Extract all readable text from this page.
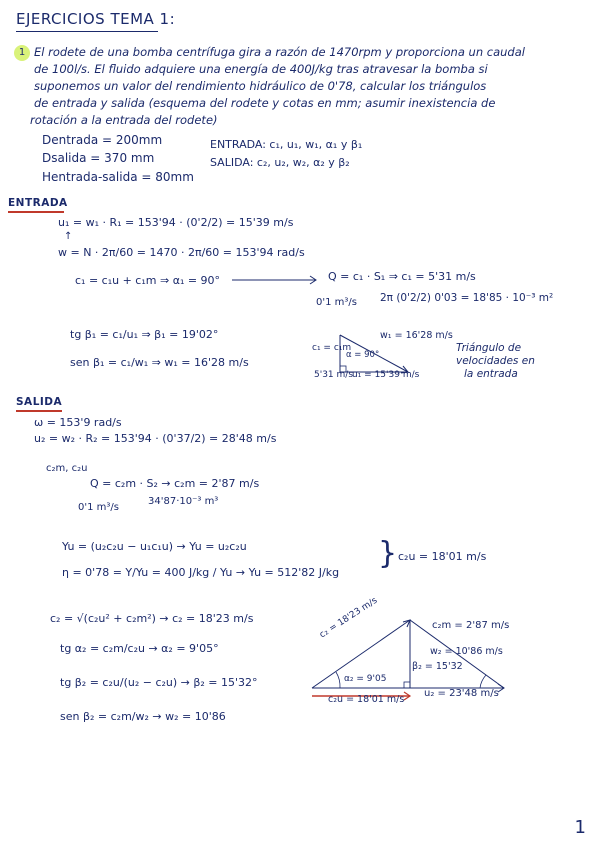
EJERCICIOS TEMA 1:
1 El rodete de una bomba centrífuga gira a razón de 1470rpm y proporciona un caudal
de 100l/s. El fluido adquiere una energía de 400J/kg tras atravesar la bomba si
suponemos un valor del rendimiento hidráulico de 0'78, calcular los triángulos
de entrada y salida (esquema del rodete y cotas en mm; asumir inexistencia de
rotación a la entrada del rodete)
Dentrada = 200mm
Dsalida = 370 mm
Hentrada-salida = 80mm
ENTRADA: c₁, u₁, w₁, α₁ y β₁
SALIDA: c₂, u₂, w₂, α₂ y β₂
ENTRADA
u₁ = w₁ · R₁ = 153'94 · (0'2/2) = 15'39 m/s
↑
w = N · 2π/60 = 1470 · 2π/60 = 153'94 rad/s
c₁ = c₁u + c₁m ⇒ α₁ = 90°	Q = c₁ · S₁ ⇒ c₁ = 5'31 m/s
0'1 m³/s 2π (0'2/2) 0'03 = 18'85 · 10⁻³ m²
tg β₁ = c₁/u₁ ⇒ β₁ = 19'02°
sen β₁ = c₁/w₁ ⇒ w₁ = 16'28 m/s
w₁ = 16'28 m/s
u₁ = 15'39 m/s
c₁ = c₁m
5'31 m/s
α = 90°
Triángulo de
velocidades en
la entrada
SALIDA
ω = 153'9 rad/s
u₂ = w₂ · R₂ = 153'94 · (0'37/2) = 28'48 m/s
c₂m, c₂u
Q = c₂m · S₂ → c₂m = 2'87 m/s
0'1 m³/s
34'87·10⁻³ m³
Yu = (u₂c₂u − u₁c₁u) → Yu = u₂c₂u
η = 0'78 = Y/Yu = 400 J/kg / Yu → Yu = 512'82 J/kg
} c₂u = 18'01 m/s
c₂ = √(c₂u² + c₂m²) → c₂ = 18'23 m/s
tg α₂ = c₂m/c₂u → α₂ = 9'05°
tg β₂ = c₂u/(u₂ − c₂u) → β₂ = 15'32°
sen β₂ = c₂m/w₂ → w₂ = 10'86
c₂ = 18'23 m/s	c₂m = 2'87 m/s
w₂ = 10'86 m/s
β₂ = 15'32
α₂ = 9'05
c₂u = 18'01 m/s
u₂ = 23'48 m/s
1
